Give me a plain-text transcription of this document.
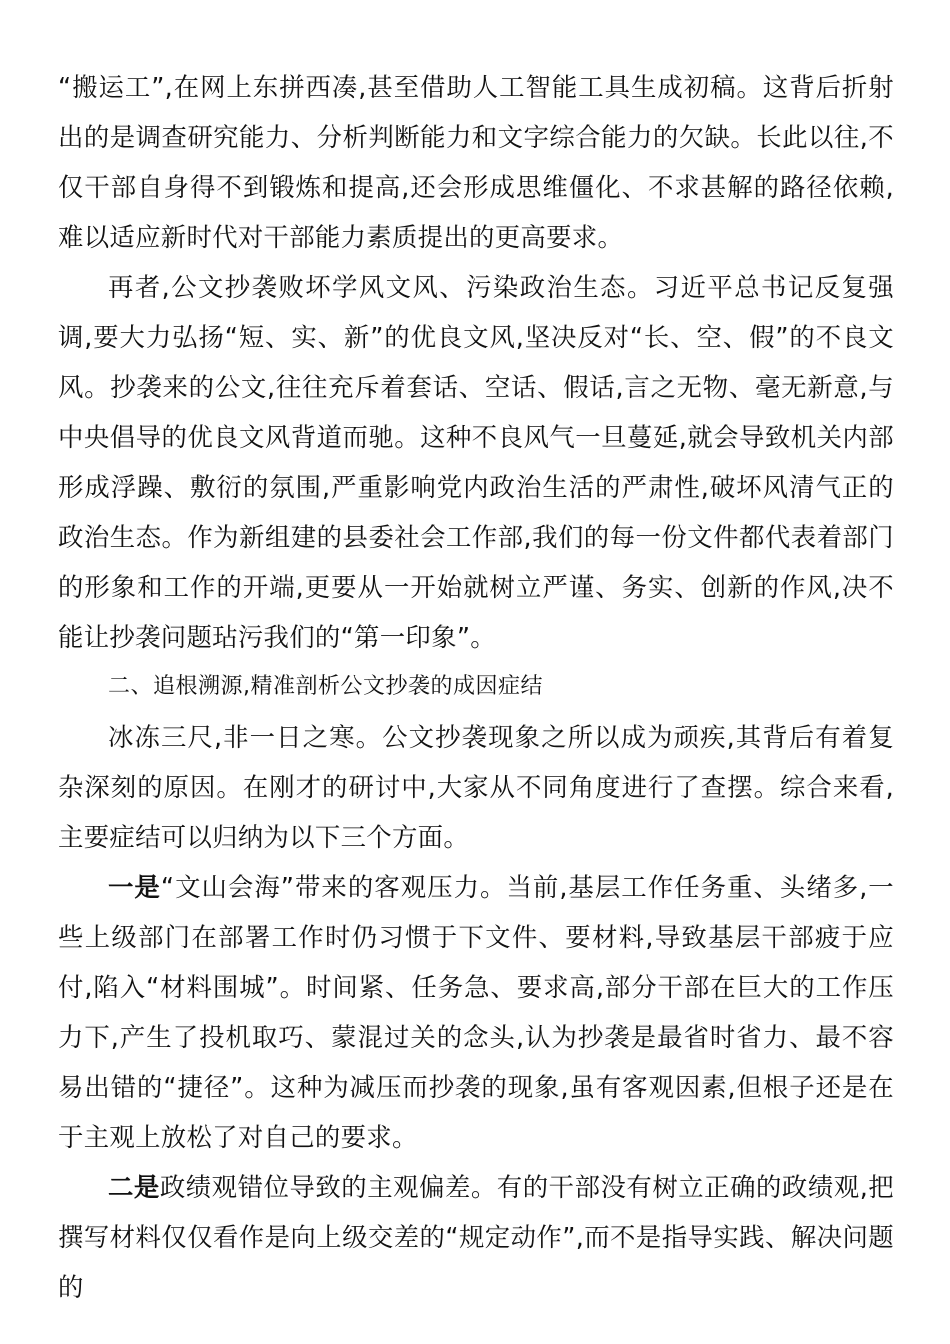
“搬运工”,在网上东拼西凑,甚至借助人工智能工具生成初稿。这背后折射出的是调查研究能力、分析判断能力和文字综合能力的欠缺。长此以往,不仅干部自身得不到锻炼和提高,还会形成思维僵化、不求甚解的路径依赖,难以适应新时代对干部能力素质提出的更高要求。

再者,公文抄袭败坏学风文风、污染政治生态。习近平总书记反复强调,要大力弘扬“短、实、新”的优良文风,坚决反对“长、空、假”的不良文风。抄袭来的公文,往往充斥着套话、空话、假话,言之无物、毫无新意,与中央倡导的优良文风背道而驰。这种不良风气一旦蔓延,就会导致机关内部形成浮躁、敷衍的氛围,严重影响党内政治生活的严肃性,破坏风清气正的政治生态。作为新组建的县委社会工作部,我们的每一份文件都代表着部门的形象和工作的开端,更要从一开始就树立严谨、务实、创新的作风,决不能让抄袭问题玷污我们的“第一印象”。

二、追根溯源,精准剖析公文抄袭的成因症结

冰冻三尺,非一日之寒。公文抄袭现象之所以成为顽疾,其背后有着复杂深刻的原因。在刚才的研讨中,大家从不同角度进行了查摆。综合来看,主要症结可以归纳为以下三个方面。

一是“文山会海”带来的客观压力。当前,基层工作任务重、头绪多,一些上级部门在部署工作时仍习惯于下文件、要材料,导致基层干部疲于应付,陷入“材料围城”。时间紧、任务急、要求高,部分干部在巨大的工作压力下,产生了投机取巧、蒙混过关的念头,认为抄袭是最省时省力、最不容易出错的“捷径”。这种为减压而抄袭的现象,虽有客观因素,但根子还是在于主观上放松了对自己的要求。

二是政绩观错位导致的主观偏差。有的干部没有树立正确的政绩观,把撰写材料仅仅看作是向上级交差的“规定动作”,而不是指导实践、解决问题的
